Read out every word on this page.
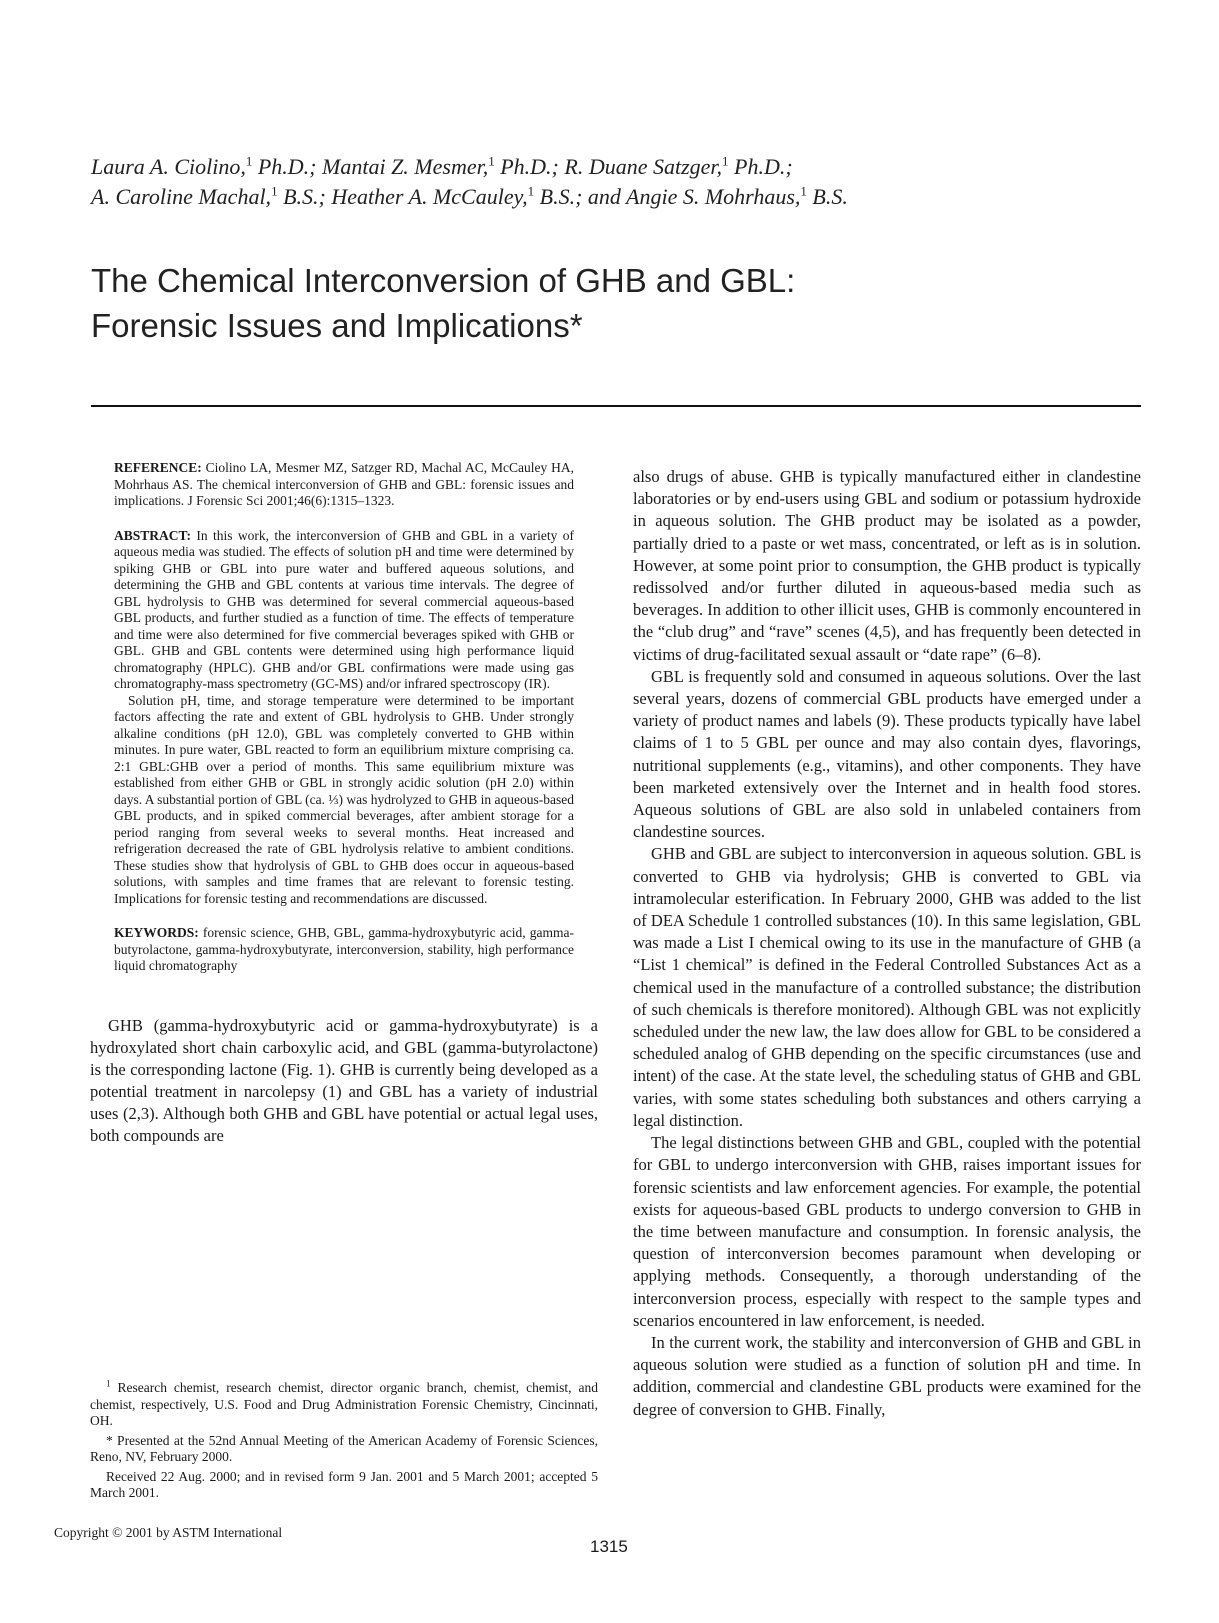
Laura A. Ciolino,$^1$ Ph.D.; Mantai Z. Mesmer,$^1$ Ph.D.; R. Duane Satzger,$^1$ Ph.D.;
A. Caroline Machal,$^1$ B.S.; Heather A. McCauley,$^1$ B.S.; and Angie S. Mohrhaus,$^1$ B.S.
The Chemical Interconversion of GHB and GBL:
Forensic Issues and Implications*

REFERENCE: Ciolino LA, Mesmer MZ, Satzger RD, Machal AC, McCauley HA, Mohrhaus AS. The chemical interconversion of GHB and GBL: forensic issues and implications. J Forensic Sci 2001;46(6):1315–1323.

ABSTRACT: In this work, the interconversion of GHB and GBL in a variety of aqueous media was studied. The effects of solution pH and time were determined by spiking GHB or GBL into pure water and buffered aqueous solutions, and determining the GHB and GBL contents at various time intervals. The degree of GBL hydrolysis to GHB was determined for several commercial aqueous-based GBL products, and further studied as a function of time. The effects of temperature and time were also determined for five commercial beverages spiked with GHB or GBL. GHB and GBL contents were determined using high performance liquid chromatography (HPLC). GHB and/or GBL confirmations were made using gas chromatography-mass spectrometry (GC-MS) and/or infrared spectroscopy (IR).

Solution pH, time, and storage temperature were determined to be important factors affecting the rate and extent of GBL hydrolysis to GHB. Under strongly alkaline conditions (pH 12.0), GBL was completely converted to GHB within minutes. In pure water, GBL reacted to form an equilibrium mixture comprising ca. 2:1 GBL:GHB over a period of months. This same equilibrium mixture was established from either GHB or GBL in strongly acidic solution (pH 2.0) within days. A substantial portion of GBL (ca. ⅓) was hydrolyzed to GHB in aqueous-based GBL products, and in spiked commercial beverages, after ambient storage for a period ranging from several weeks to several months. Heat increased and refrigeration decreased the rate of GBL hydrolysis relative to ambient conditions. These studies show that hydrolysis of GBL to GHB does occur in aqueous-based solutions, with samples and time frames that are relevant to forensic testing. Implications for forensic testing and recommendations are discussed.

KEYWORDS: forensic science, GHB, GBL, gamma-hydroxybutyric acid, gamma-butyrolactone, gamma-hydroxybutyrate, interconversion, stability, high performance liquid chromatography

GHB (gamma-hydroxybutyric acid or gamma-hydroxybutyrate) is a hydroxylated short chain carboxylic acid, and GBL (gamma-butyrolactone) is the corresponding lactone (Fig. 1). GHB is currently being developed as a potential treatment in narcolepsy (1) and GBL has a variety of industrial uses (2,3). Although both GHB and GBL have potential or actual legal uses, both compounds are

$^1$ Research chemist, research chemist, director organic branch, chemist, chemist, and chemist, respectively, U.S. Food and Drug Administration Forensic Chemistry, Cincinnati, OH.

* Presented at the 52nd Annual Meeting of the American Academy of Forensic Sciences, Reno, NV, February 2000.

Received 22 Aug. 2000; and in revised form 9 Jan. 2001 and 5 March 2001; accepted 5 March 2001.

also drugs of abuse. GHB is typically manufactured either in clandestine laboratories or by end-users using GBL and sodium or potassium hydroxide in aqueous solution. The GHB product may be isolated as a powder, partially dried to a paste or wet mass, concentrated, or left as is in solution. However, at some point prior to consumption, the GHB product is typically redissolved and/or further diluted in aqueous-based media such as beverages. In addition to other illicit uses, GHB is commonly encountered in the “club drug” and “rave” scenes (4,5), and has frequently been detected in victims of drug-facilitated sexual assault or “date rape” (6–8).

GBL is frequently sold and consumed in aqueous solutions. Over the last several years, dozens of commercial GBL products have emerged under a variety of product names and labels (9). These products typically have label claims of 1 to 5 GBL per ounce and may also contain dyes, flavorings, nutritional supplements (e.g., vitamins), and other components. They have been marketed extensively over the Internet and in health food stores. Aqueous solutions of GBL are also sold in unlabeled containers from clandestine sources.

GHB and GBL are subject to interconversion in aqueous solution. GBL is converted to GHB via hydrolysis; GHB is converted to GBL via intramolecular esterification. In February 2000, GHB was added to the list of DEA Schedule 1 controlled substances (10). In this same legislation, GBL was made a List I chemical owing to its use in the manufacture of GHB (a “List 1 chemical” is defined in the Federal Controlled Substances Act as a chemical used in the manufacture of a controlled substance; the distribution of such chemicals is therefore monitored). Although GBL was not explicitly scheduled under the new law, the law does allow for GBL to be considered a scheduled analog of GHB depending on the specific circumstances (use and intent) of the case. At the state level, the scheduling status of GHB and GBL varies, with some states scheduling both substances and others carrying a legal distinction.

The legal distinctions between GHB and GBL, coupled with the potential for GBL to undergo interconversion with GHB, raises important issues for forensic scientists and law enforcement agencies. For example, the potential exists for aqueous-based GBL products to undergo conversion to GHB in the time between manufacture and consumption. In forensic analysis, the question of interconversion becomes paramount when developing or applying methods. Consequently, a thorough understanding of the interconversion process, especially with respect to the sample types and scenarios encountered in law enforcement, is needed.

In the current work, the stability and interconversion of GHB and GBL in aqueous solution were studied as a function of solution pH and time. In addition, commercial and clandestine GBL products were examined for the degree of conversion to GHB. Finally,

Copyright © 2001 by ASTM International
1315
